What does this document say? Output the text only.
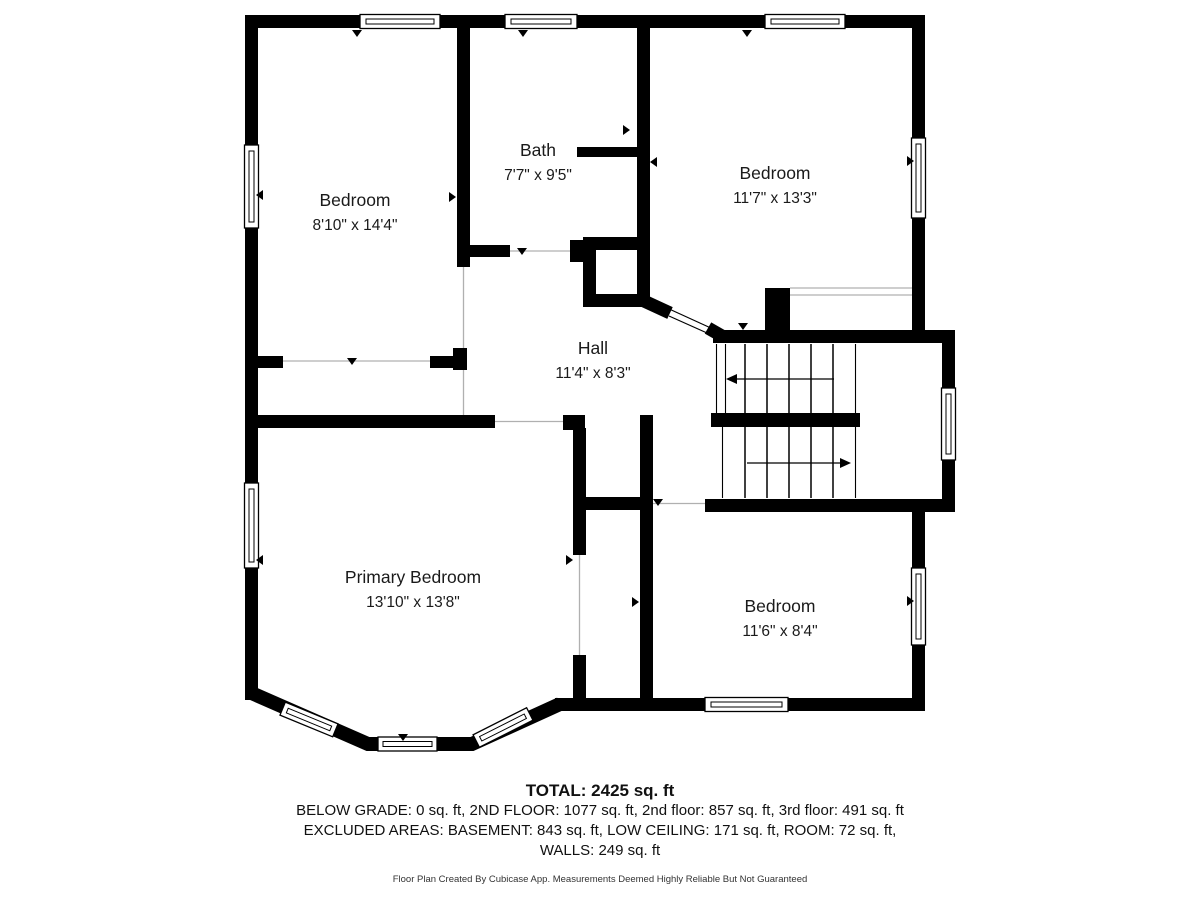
Bedroom
8'10" x 14'4"
Bath
7'7" x 9'5"	Bedroom
11'7" x 13'3"
Hall
11'4" x 8'3"
Primary Bedroom
13'10" x 13'8"	Bedroom
11'6" x 8'4"
TOTAL: 2425 sq. ft
BELOW GRADE: 0 sq. ft, 2ND FLOOR: 1077 sq. ft, 2nd floor: 857 sq. ft, 3rd floor: 491 sq. ft
EXCLUDED AREAS: BASEMENT: 843 sq. ft, LOW CEILING: 171 sq. ft, ROOM: 72 sq. ft,
WALLS: 249 sq. ft
Floor Plan Created By Cubicase App. Measurements Deemed Highly Reliable But Not Guaranteed
